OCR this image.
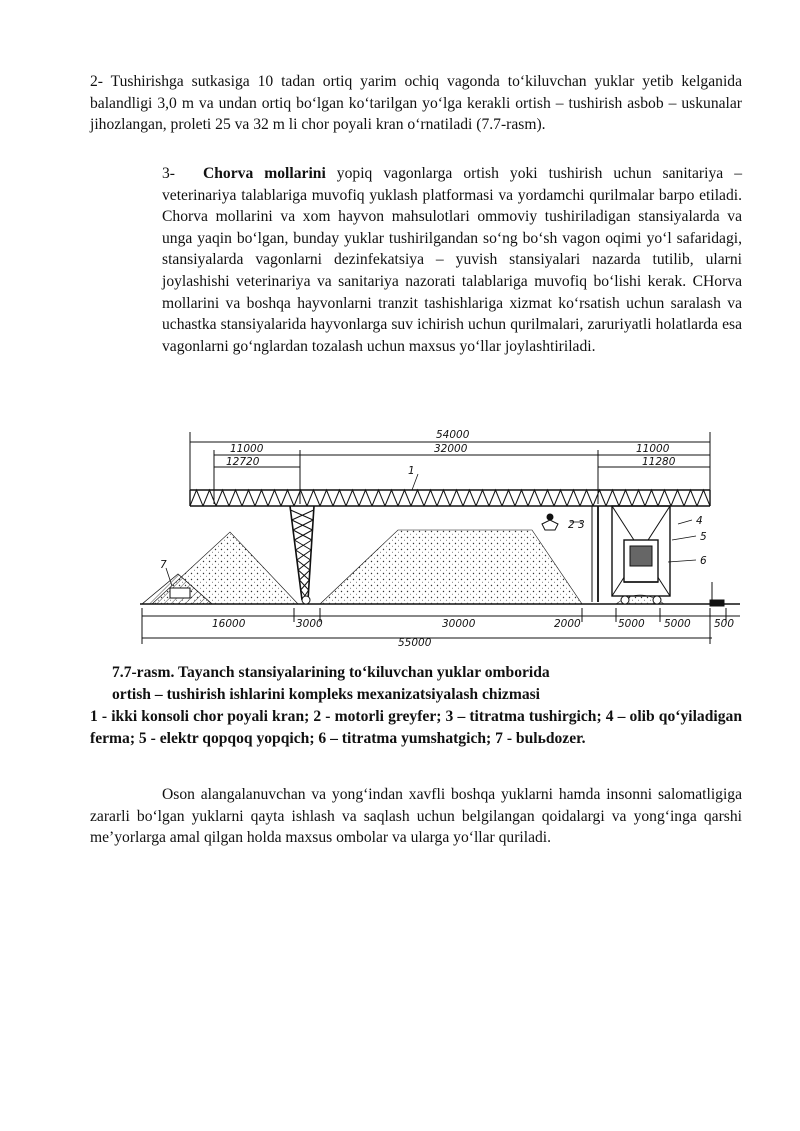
2- Tushirishga sutkasiga 10 tadan ortiq yarim ochiq vagonda to‘kiluvchan yuklar yetib kelganida balandligi 3,0 m va undan ortiq bo‘lgan ko‘tarilgan yo‘lga kerakli ortish – tushirish asbob – uskunalar jihozlangan, proleti 25 va 32 m li chor poyali kran o‘rnatiladi (7.7-rasm).

3- Chorva mollarini yopiq vagonlarga ortish yoki tushirish uchun sanitariya – veterinariya talablariga muvofiq yuklash platformasi va yordamchi qurilmalar barpo etiladi. Chorva mollarini va xom hayvon mahsulotlari ommoviy tushiriladigan stansiyalarda va unga yaqin bo‘lgan, bunday yuklar tushirilgandan so‘ng bo‘sh vagon oqimi yo‘l safaridagi, stansiyalarda vagonlarni dezinfekatsiya – yuvish stansiyalari nazarda tutilib, ularni joylashishi veterinariya va sanitariya nazorati talablariga muvofiq bo‘lishi kerak. CHorva mollarini va boshqa hayvonlarni tranzit tashishlariga xizmat ko‘rsatish uchun saralash va uchastka stansiyalarida hayvonlarga suv ichirish uchun qurilmalari, zaruriyatli holatlarda esa vagonlarni go‘nglardan tozalash uchun maxsus yo‘llar joylashtiriladi.

54000
11000	32000	11000
12720	11280
16000	3000	30000	2000	5000 5000 500
55000
1
2 3	4
5
6
7

7.7-rasm. Tayanch stansiyalarining to‘kiluvchan yuklar omborida

ortish – tushirish ishlarini kompleks mexanizatsiyalash chizmasi

1 - ikki konsoli chor poyali kran; 2 - motorli greyfer; 3 – titratma tushirgich; 4 – olib qo‘yiladigan ferma; 5 - elektr qopqoq yopqich; 6 – titratma yumshatgich; 7 - bulьdozer.

Oson alangalanuvchan va yong‘indan xavfli boshqa yuklarni hamda insonni salomatligiga zararli bo‘lgan yuklarni qayta ishlash va saqlash uchun belgilangan qoidalargi va yong‘inga qarshi me’yorlarga amal qilgan holda maxsus ombolar va ularga yo‘llar quriladi.
